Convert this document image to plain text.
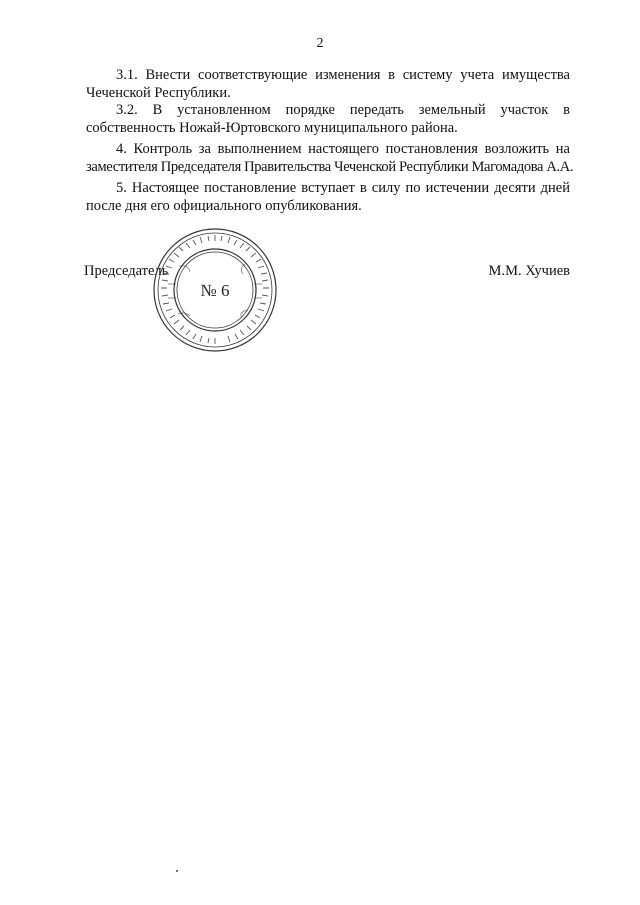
2
3.1. Внести соответствующие изменения в систему учета имущества
Чеченской Республики.
3.2. В установленном порядке передать земельный участок в
собственность Ножай-Юртовского муниципального района.
4. Контроль за выполнением настоящего постановления возложить на
заместителя Председателя Правительства Чеченской Республики Магомадова А.А.
5. Настоящее постановление вступает в силу по истечении десяти дней
после дня его официального опубликования.
Председатель	М.М. Хучиев
№ 6
